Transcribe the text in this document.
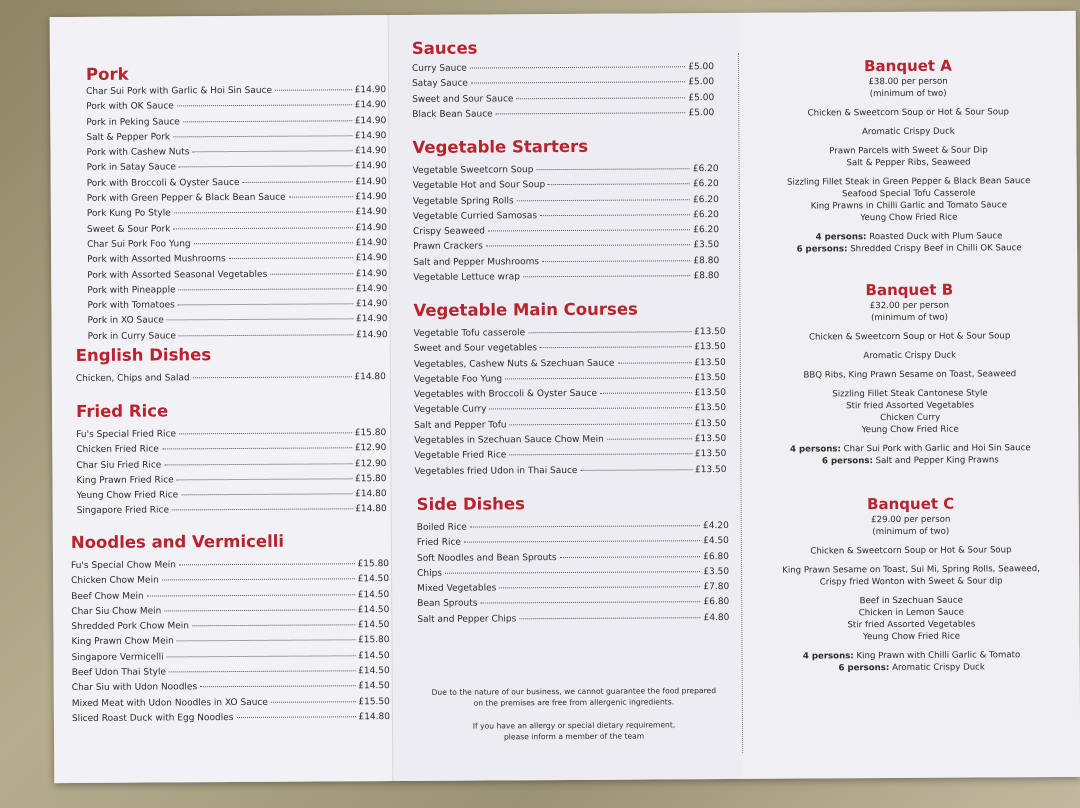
Pork
Char Sui Pork with Garlic & Hoi Sin Sauce	£14.90
Pork with OK Sauce	£14.90
Pork in Peking Sauce	£14.90
Salt & Pepper Pork	£14.90
Pork with Cashew Nuts	£14.90
Pork in Satay Sauce	£14.90
Pork with Broccoli & Oyster Sauce	£14.90
Pork with Green Pepper & Black Bean Sauce	£14.90
Pork Kung Po Style	£14.90
Sweet & Sour Pork	£14.90
Char Sui Pork Foo Yung	£14.90
Pork with Assorted Mushrooms	£14.90
Pork with Assorted Seasonal Vegetables	£14.90
Pork with Pineapple	£14.90
Pork with Tomatoes	£14.90
Pork in XO Sauce	£14.90
Pork in Curry Sauce	£14.90
English Dishes
Chicken, Chips and Salad	£14.80
Fried Rice
Fu's Special Fried Rice	£15.80
Chicken Fried Rice	£12.90
Char Siu Fried Rice	£12.90
King Prawn Fried Rice	£15.80
Yeung Chow Fried Rice	£14.80
Singapore Fried Rice	£14.80
Noodles and Vermicelli
Fu's Special Chow Mein	£15.80
Chicken Chow Mein	£14.50
Beef Chow Mein	£14.50
Char Siu Chow Mein	£14.50
Shredded Pork Chow Mein	£14.50
King Prawn Chow Mein	£15.80
Singapore Vermicelli	£14.50
Beef Udon Thai Style	£14.50
Char Siu with Udon Noodles	£14.50
Mixed Meat with Udon Noodles in XO Sauce	£15.50
Sliced Roast Duck with Egg Noodles	£14.80
Sauces
Curry Sauce	£5.00
Satay Sauce	£5.00
Sweet and Sour Sauce	£5.00
Black Bean Sauce	£5.00
Vegetable Starters
Vegetable Sweetcorn Soup	£6.20
Vegetable Hot and Sour Soup	£6.20
Vegetable Spring Rolls	£6.20
Vegetable Curried Samosas	£6.20
Crispy Seaweed	£6.20
Prawn Crackers	£3.50
Salt and Pepper Mushrooms	£8.80
Vegetable Lettuce wrap	£8.80
Vegetable Main Courses
Vegetable Tofu casserole	£13.50
Sweet and Sour vegetables	£13.50
Vegetables, Cashew Nuts & Szechuan Sauce	£13.50
Vegetable Foo Yung	£13.50
Vegetables with Broccoli & Oyster Sauce	£13.50
Vegetable Curry	£13.50
Salt and Pepper Tofu	£13.50
Vegetables in Szechuan Sauce Chow Mein	£13.50
Vegetable Fried Rice	£13.50
Vegetables fried Udon in Thai Sauce	£13.50
Side Dishes
Boiled Rice	£4.20
Fried Rice	£4.50
Soft Noodles and Bean Sprouts	£6.80
Chips	£3.50
Mixed Vegetables	£7.80
Bean Sprouts	£6.80
Salt and Pepper Chips	£4.80
Due to the nature of our business, we cannot guarantee the food prepared
on the premises are free from allergenic ingredients.
If you have an allergy or special dietary requirement,
please inform a member of the team
Banquet A
£38.00 per person
(minimum of two)
Chicken & Sweetcorn Soup or Hot & Sour Soup
Aromatic Crispy Duck
Prawn Parcels with Sweet & Sour Dip
Salt & Pepper Ribs, Seaweed
Sizzling Fillet Steak in Green Pepper & Black Bean Sauce
Seafood Special Tofu Casserole
King Prawns in Chilli Garlic and Tomato Sauce
Yeung Chow Fried Rice
4 persons: Roasted Duck with Plum Sauce
6 persons: Shredded Crispy Beef in Chilli OK Sauce
Banquet B
£32.00 per person
(minimum of two)
Chicken & Sweetcorn Soup or Hot & Sour Soup
Aromatic Crispy Duck
BBQ Ribs, King Prawn Sesame on Toast, Seaweed
Sizzling Fillet Steak Cantonese Style
Stir fried Assorted Vegetables
Chicken Curry
Yeung Chow Fried Rice
4 persons: Char Sui Pork with Garlic and Hoi Sin Sauce
6 persons: Salt and Pepper King Prawns
Banquet C
£29.00 per person
(minimum of two)
Chicken & Sweetcorn Soup or Hot & Sour Soup
King Prawn Sesame on Toast, Sui Mi, Spring Rolls, Seaweed,
Crispy fried Wonton with Sweet & Sour dip
Beef in Szechuan Sauce
Chicken in Lemon Sauce
Stir fried Assorted Vegetables
Yeung Chow Fried Rice
4 persons: King Prawn with Chilli Garlic & Tomato
6 persons: Aromatic Crispy Duck
